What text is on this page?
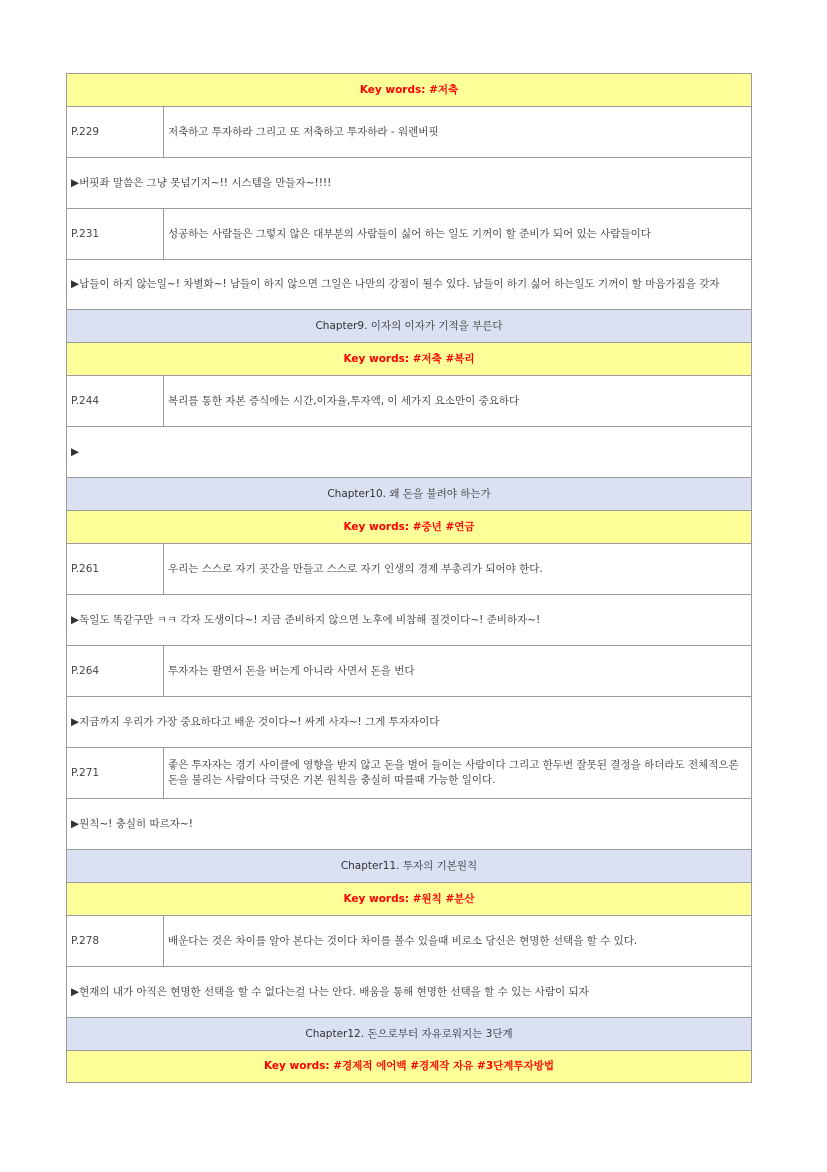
Key words: #저축	
P.229	저축하고 투자하라 그리고 또 저축하고 투자하라 - 워렌버핏
▶버핏좌 말씀은 그냥 못넘기지~!! 시스템을 만들자~!!!!	
P.231	성공하는 사람들은 그렇지 않은 대부분의 사람들이 싫어 하는 일도 기꺼이 할 준비가 되어 있는 사람들이다
▶남들이 하지 않는일~! 차별화~! 남들이 하지 않으면 그일은 나만의 강점이 될수 있다. 남들이 하기 싫어 하는일도 기꺼이 할 마음가짐을 갖자	
Chapter9. 이자의 이자가 기적을 부른다	
Key words: #저축 #복리	
P.244	복리를 통한 자본 증식에는 시간,이자율,투자액, 이 세가지 요소만이 중요하다
▶	
Chapter10. 왜 돈을 불려야 하는가	
Key words: #중년 #연금	
P.261	우리는 스스로 자기 곳간을 만들고 스스로 자기 인생의 경제 부총리가 되어야 한다.
▶독일도 똑같구만 ㅋㅋ 각자 도생이다~! 지금 준비하지 않으면 노후에 비참해 질것이다~! 준비하자~!	
P.264	투자자는 팔면서 돈을 버는게 아니라 사면서 돈을 번다
▶지금까지 우리가 가장 중요하다고 배운 것이다~! 싸게 사자~! 그게 투자자이다	
P.271	좋은 투자자는 경기 사이클에 영향을 받지 않고 돈을 벌어 들이는 사람이다 그리고 한두번 잘못된 결정을 하더라도 전체적으론 돈을 불리는 사람이다 극덧은 기본 원칙을 충실히 따를때 가능한 일이다.
▶원칙~! 충실히 따르자~!	
Chapter11. 투자의 기본원칙	
Key words: #원칙 #분산	
P.278	배운다는 것은 차이를 알아 본다는 것이다 차이를 볼수 있을때 비로소 당신은 현명한 선택을 할 수 있다.
▶현재의 내가 아직은 현명한 선택을 할 수 없다는걸 나는 안다. 배움을 통해 현명한 선택을 할 수 있는 사람이 되자	
Chapter12. 돈으로부터 자유로워지는 3단계	
Key words: #경제적 에어백 #경제작 자유 #3단계투자방법	
